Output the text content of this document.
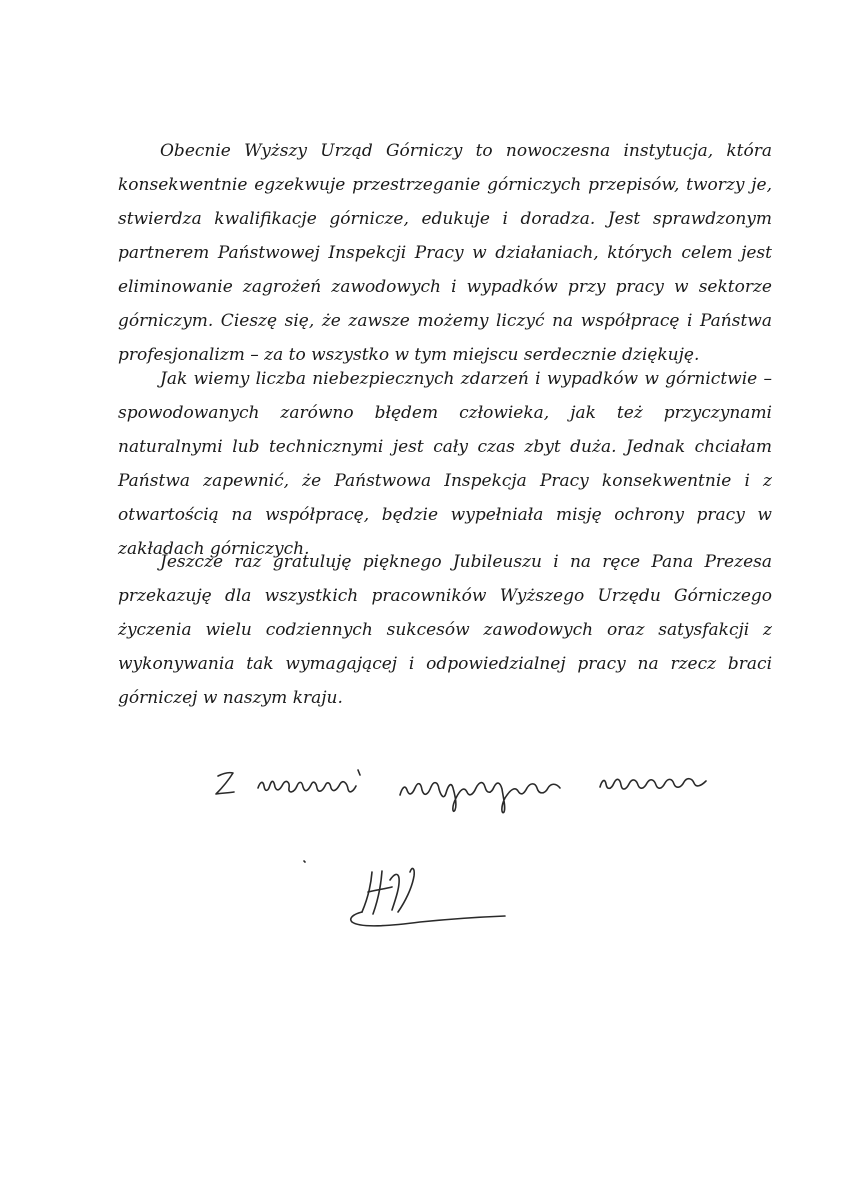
Obecnie Wyższy Urząd Górniczy to nowoczesna instytucja, która konsekwentnie egzekwuje przestrzeganie górniczych przepisów, tworzy je, stwierdza kwalifikacje górnicze, edukuje i doradza. Jest sprawdzonym partnerem Państwowej Inspekcji Pracy w działaniach, których celem jest eliminowanie zagrożeń zawodowych i wypadków przy pracy w sektorze górniczym. Cieszę się, że zawsze możemy liczyć na współpracę i Państwa profesjonalizm – za to wszystko w tym miejscu serdecznie dziękuję.

Jak wiemy liczba niebezpiecznych zdarzeń i wypadków w górnictwie – spowodowanych zarówno błędem człowieka, jak też przyczynami naturalnymi lub technicznymi jest cały czas zbyt duża. Jednak chciałam Państwa zapewnić, że Państwowa Inspekcja Pracy konsekwentnie i z otwartością na współpracę, będzie wypełniała misję ochrony pracy w zakładach górniczych.

Jeszcze raz gratuluję pięknego Jubileuszu i na ręce Pana Prezesa przekazuję dla wszystkich pracowników Wyższego Urzędu Górniczego życzenia wielu codziennych sukcesów zawodowych oraz satysfakcji z wykonywania tak wymagającej i odpowiedzialnej pracy na rzecz braci górniczej w naszym kraju.
